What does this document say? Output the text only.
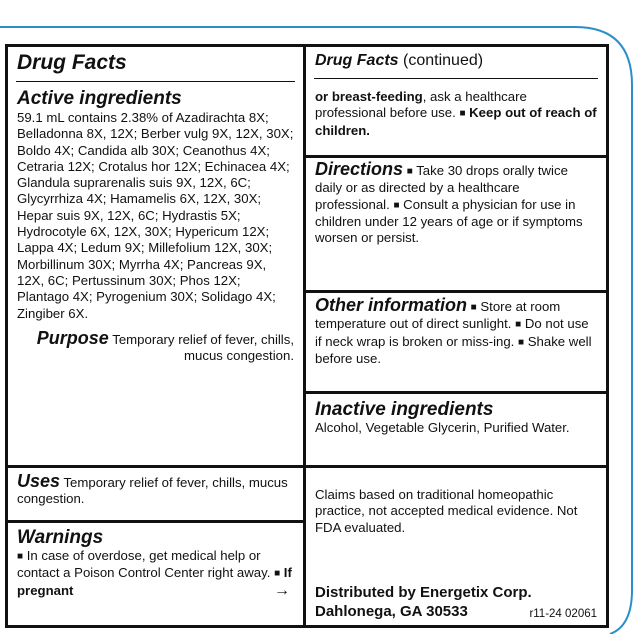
Drug Facts
Active ingredients
59.1 mL contains 2.38% of Azadirachta 8X; Belladonna 8X, 12X; Berber vulg 9X, 12X, 30X; Boldo 4X; Candida alb 30X; Ceanothus 4X; Cetraria 12X; Crotalus hor 12X; Echinacea 4X; Glandula suprarenalis suis 9X, 12X, 6C; Glycyrrhiza 4X; Hamamelis 6X, 12X, 30X; Hepar suis 9X, 12X, 6C; Hydrastis 5X; Hydrocotyle 6X, 12X, 30X; Hypericum 12X; Lappa 4X; Ledum 9X; Millefolium 12X, 30X; Morbillinum 30X; Myrrha 4X; Pancreas 9X, 12X, 6C; Pertussinum 30X; Phos 12X; Plantago 4X; Pyrogenium 30X; Solidago 4X; Zingiber 6X.
Purpose Temporary relief of fever, chills, mucus congestion.
Uses Temporary relief of fever, chills, mucus congestion.
Warnings
■ In case of overdose, get medical help or contact a Poison Control Center right away. ■ If pregnant	→
Drug Facts (continued)
or breast-feeding, ask a healthcare professional before use. ■ Keep out of reach of children.
Directions ■ Take 30 drops orally twice daily or as directed by a healthcare professional. ■ Consult a physician for use in children under 12 years of age or if symptoms worsen or persist.
Other information ■ Store at room temperature out of direct sunlight. ■ Do not use if neck wrap is broken or miss-ing. ■ Shake well before use.
Inactive ingredients
Alcohol, Vegetable Glycerin, Purified Water.
Claims based on traditional homeopathic practice, not accepted medical evidence. Not FDA evaluated.
Distributed by Energetix Corp.
Dahlonega, GA 30533	r11-24 02061
